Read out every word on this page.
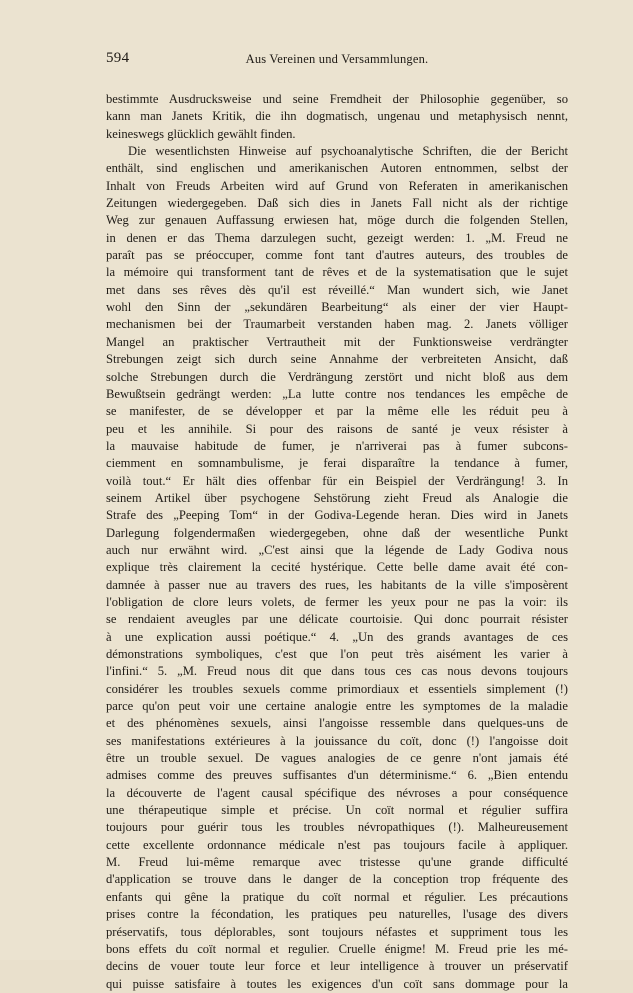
594	Aus Vereinen und Versammlungen.
bestimmte Ausdrucksweise und seine Fremdheit der Philosophie gegenüber, so
kann man Janets Kritik, die ihn dogmatisch, ungenau und metaphysisch nennt,
keineswegs glücklich gewählt finden.
Die wesentlichsten Hinweise auf psychoanalytische Schriften, die der Bericht
enthält, sind englischen und amerikanischen Autoren entnommen, selbst der
Inhalt von Freuds Arbeiten wird auf Grund von Referaten in amerikanischen
Zeitungen wiedergegeben. Daß sich dies in Janets Fall nicht als der richtige
Weg zur genauen Auffassung erwiesen hat, möge durch die folgenden Stellen,
in denen er das Thema darzulegen sucht, gezeigt werden: 1. „M. Freud ne
paraît pas se préoccuper, comme font tant d'autres auteurs, des troubles de
la mémoire qui transforment tant de rêves et de la systematisation que le sujet
met dans ses rêves dès qu'il est réveillé.“ Man wundert sich, wie Janet
wohl den Sinn der „sekundären Bearbeitung“ als einer der vier Haupt-
mechanismen bei der Traumarbeit verstanden haben mag. 2. Janets völliger
Mangel an praktischer Vertrautheit mit der Funktionsweise verdrängter
Strebungen zeigt sich durch seine Annahme der verbreiteten Ansicht, daß
solche Strebungen durch die Verdrängung zerstört und nicht bloß aus dem
Bewußtsein gedrängt werden: „La lutte contre nos tendances les empêche de
se manifester, de se développer et par la même elle les réduit peu à
peu et les annihile. Si pour des raisons de santé je veux résister à
la mauvaise habitude de fumer, je n'arriverai pas à fumer subcons-
ciemment en somnambulisme, je ferai disparaître la tendance à fumer,
voilà tout.“ Er hält dies offenbar für ein Beispiel der Verdrängung! 3. In
seinem Artikel über psychogene Sehstörung zieht Freud als Analogie die
Strafe des „Peeping Tom“ in der Godiva-Legende heran. Dies wird in Janets
Darlegung folgendermaßen wiedergegeben, ohne daß der wesentliche Punkt
auch nur erwähnt wird. „C'est ainsi que la légende de Lady Godiva nous
explique très clairement la cecité hystérique. Cette belle dame avait été con-
damnée à passer nue au travers des rues, les habitants de la ville s'imposèrent
l'obligation de clore leurs volets, de fermer les yeux pour ne pas la voir: ils
se rendaient aveugles par une délicate courtoisie. Qui donc pourrait résister
à une explication aussi poétique.“ 4. „Un des grands avantages de ces
démonstrations symboliques, c'est que l'on peut très aisément les varier à
l'infini.“ 5. „M. Freud nous dit que dans tous ces cas nous devons toujours
considérer les troubles sexuels comme primordiaux et essentiels simplement (!)
parce qu'on peut voir une certaine analogie entre les symptomes de la maladie
et des phénomènes sexuels, ainsi l'angoisse ressemble dans quelques-uns de
ses manifestations extérieures à la jouissance du coït, donc (!) l'angoisse doit
être un trouble sexuel. De vagues analogies de ce genre n'ont jamais été
admises comme des preuves suffisantes d'un déterminisme.“ 6. „Bien entendu
la découverte de l'agent causal spécifique des névroses a pour conséquence
une thérapeutique simple et précise. Un coït normal et régulier suffira
toujours pour guérir tous les troubles névropathiques (!). Malheureusement
cette excellente ordonnance médicale n'est pas toujours facile à appliquer.
M. Freud lui-même remarque avec tristesse qu'une grande difficulté
d'application se trouve dans le danger de la conception trop fréquente des
enfants qui gêne la pratique du coït normal et régulier. Les précautions
prises contre la fécondation, les pratiques peu naturelles, l'usage des divers
préservatifs, tous déplorables, sont toujours néfastes et suppriment tous les
bons effets du coït normal et regulier. Cruelle énigme! M. Freud prie les mé-
decins de vouer toute leur force et leur intelligence à trouver un préservatif
qui puisse satisfaire à toutes les exigences d'un coït sans dommage pour la
